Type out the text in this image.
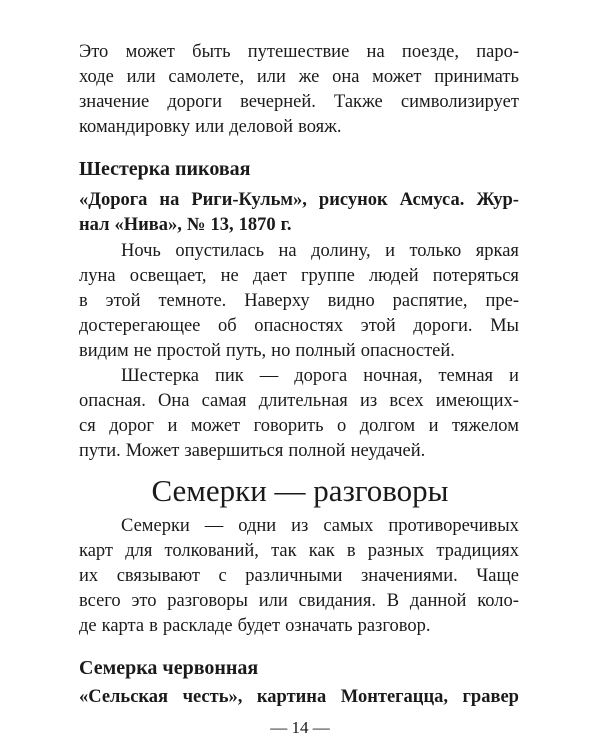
Это может быть путешествие на поезде, паро-
ходе или самолете, или же она может принимать
значение дороги вечерней. Также символизирует
командировку или деловой вояж.
Шестерка пиковая
«Дорога на Риги-Кульм», рисунок Асмуса. Жур-
нал «Нива», № 13, 1870 г.
Ночь опустилась на долину, и только яркая
луна освещает, не дает группе людей потеряться
в этой темноте. Наверху видно распятие, пре-
достерегающее об опасностях этой дороги. Мы
видим не простой путь, но полный опасностей.
Шестерка пик — дорога ночная, темная и
опасная. Она самая длительная из всех имеющих-
ся дорог и может говорить о долгом и тяжелом
пути. Может завершиться полной неудачей.
Семерки — разговоры
Семерки — одни из самых противоречивых
карт для толкований, так как в разных традициях
их связывают с различными значениями. Чаще
всего это разговоры или свидания. В данной коло-
де карта в раскладе будет означать разговор.
Семерка червонная
«Сельская честь», картина Монтегацца, гравер
— 14 —
